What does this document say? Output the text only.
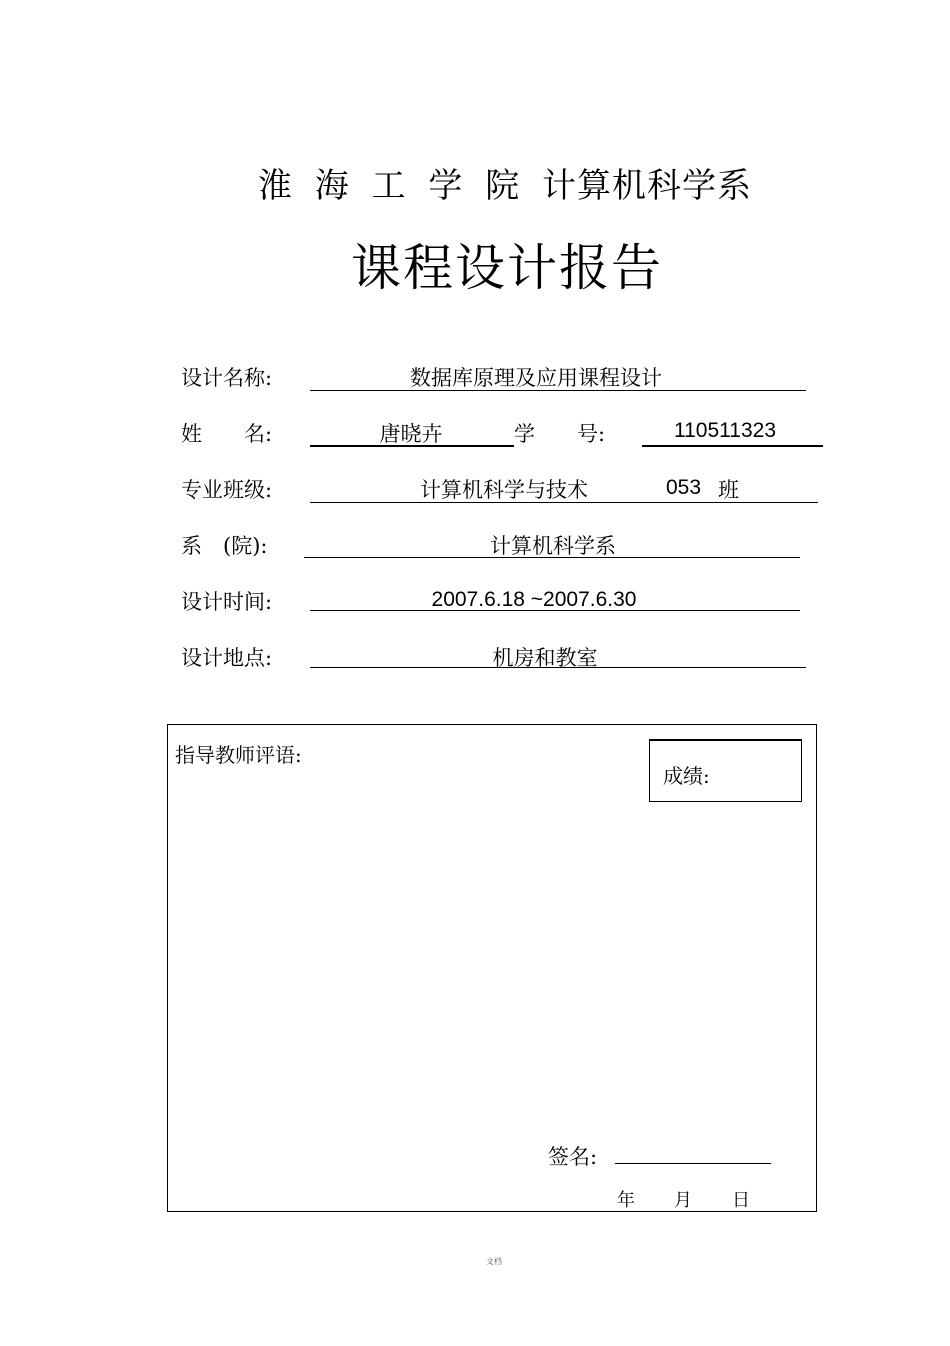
淮 海 工 学 院 计算机科学系
课程设计报告
设计名称:	数据库原理及应用课程设计
姓　　名:	唐晓卉	学　　号:	110511323
专业班级:	计算机科学与技术	053 班
系　(院):	计算机科学系
设计时间:	2007.6.18 ~2007.6.30
设计地点:	机房和教室
指导教师评语:
成绩:
签名:
年 月 日
文档
